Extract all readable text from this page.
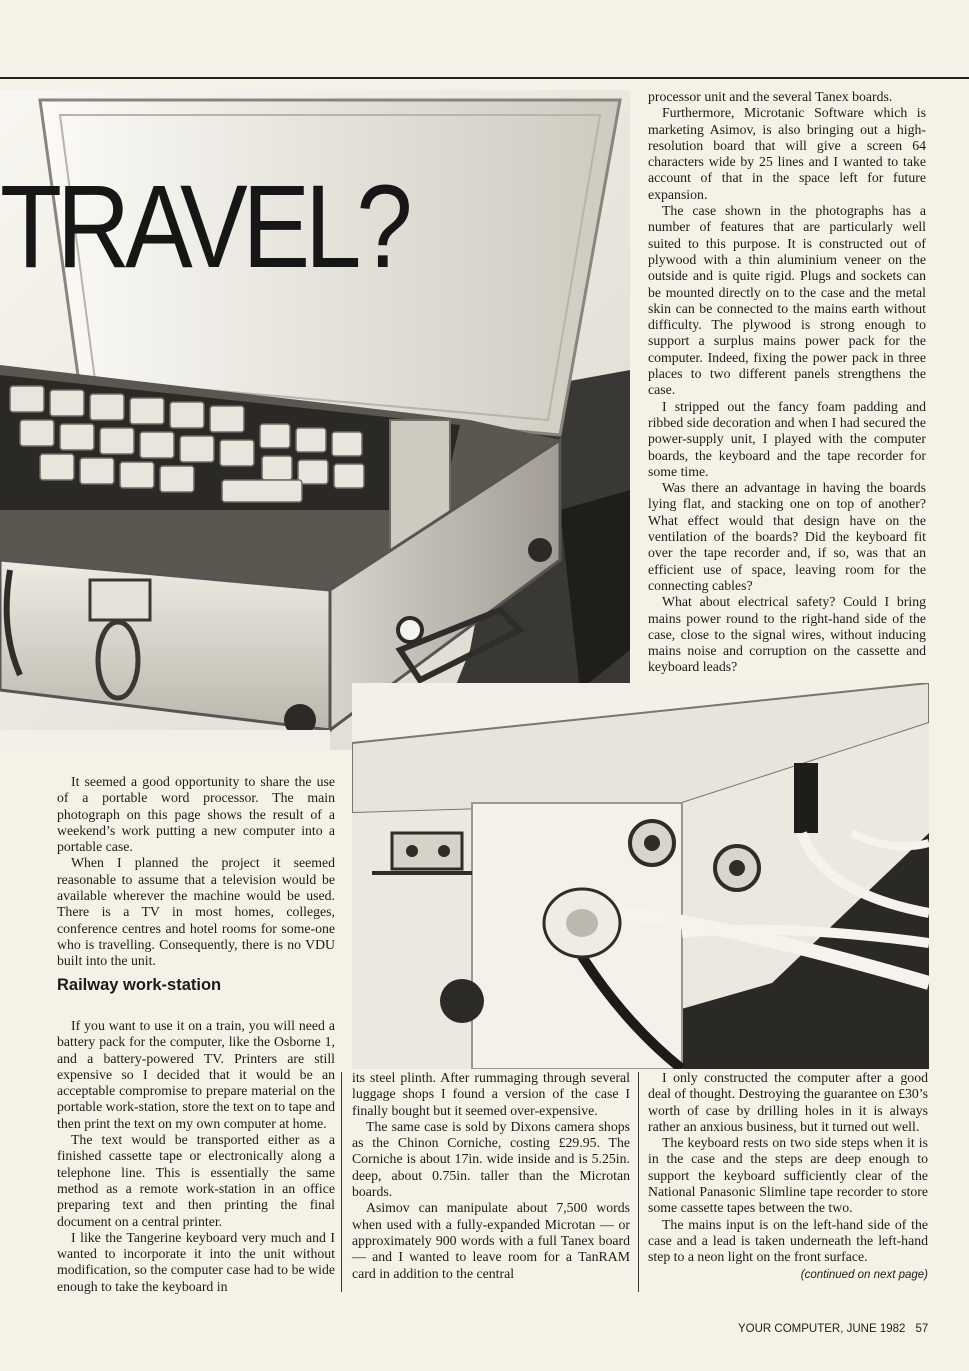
TRAVEL?

processor unit and the several Tanex boards.

Furthermore, Microtanic Software which is marketing Asimov, is also bringing out a high-resolution board that will give a screen 64 characters wide by 25 lines and I wanted to take account of that in the space left for future expansion.

The case shown in the photographs has a number of features that are particularly well suited to this purpose. It is constructed out of plywood with a thin aluminium veneer on the outside and is quite rigid. Plugs and sockets can be mounted directly on to the case and the metal skin can be connected to the mains earth without difficulty. The plywood is strong enough to support a surplus mains power pack for the computer. Indeed, fixing the power pack in three places to two different panels strengthens the case.

I stripped out the fancy foam padding and ribbed side decoration and when I had secured the power-supply unit, I played with the computer boards, the keyboard and the tape recorder for some time.

Was there an advantage in having the boards lying flat, and stacking one on top of another? What effect would that design have on the ventilation of the boards? Did the keyboard fit over the tape recorder and, if so, was that an efficient use of space, leaving room for the connecting cables?

What about electrical safety? Could I bring mains power round to the right-hand side of the case, close to the signal wires, without inducing mains noise and corruption on the cassette and keyboard leads?

It seemed a good opportunity to share the use of a portable word processor. The main photograph on this page shows the result of a weekend’s work putting a new computer into a portable case.

When I planned the project it seemed reasonable to assume that a television would be available wherever the machine would be used. There is a TV in most homes, colleges, conference centres and hotel rooms for some-one who is travelling. Consequently, there is no VDU built into the unit.

Railway work-station

If you want to use it on a train, you will need a battery pack for the computer, like the Osborne 1, and a battery-powered TV. Printers are still expensive so I decided that it would be an acceptable compromise to prepare material on the portable work-station, store the text on to tape and then print the text on my own computer at home.

The text would be transported either as a finished cassette tape or electronically along a telephone line. This is essentially the same method as a remote work-station in an office preparing text and then printing the final document on a central printer.

I like the Tangerine keyboard very much and I wanted to incorporate it into the unit without modification, so the computer case had to be wide enough to take the keyboard in

its steel plinth. After rummaging through several luggage shops I found a version of the case I finally bought but it seemed over-expensive.

The same case is sold by Dixons camera shops as the Chinon Corniche, costing £29.95. The Corniche is about 17in. wide inside and is 5.25in. deep, about 0.75in. taller than the Microtan boards.

Asimov can manipulate about 7,500 words when used with a fully-expanded Microtan — or approximately 900 words with a full Tanex board — and I wanted to leave room for a TanRAM card in addition to the central

I only constructed the computer after a good deal of thought. Destroying the guarantee on £30’s worth of case by drilling holes in it is always rather an anxious business, but it turned out well.

The keyboard rests on two side steps when it is in the case and the steps are deep enough to support the keyboard sufficiently clear of the National Panasonic Slimline tape recorder to store some cassette tapes between the two.

The mains input is on the left-hand side of the case and a lead is taken underneath the left-hand step to a neon light on the front surface.

(continued on next page)

YOUR COMPUTER, JUNE 1982 57
